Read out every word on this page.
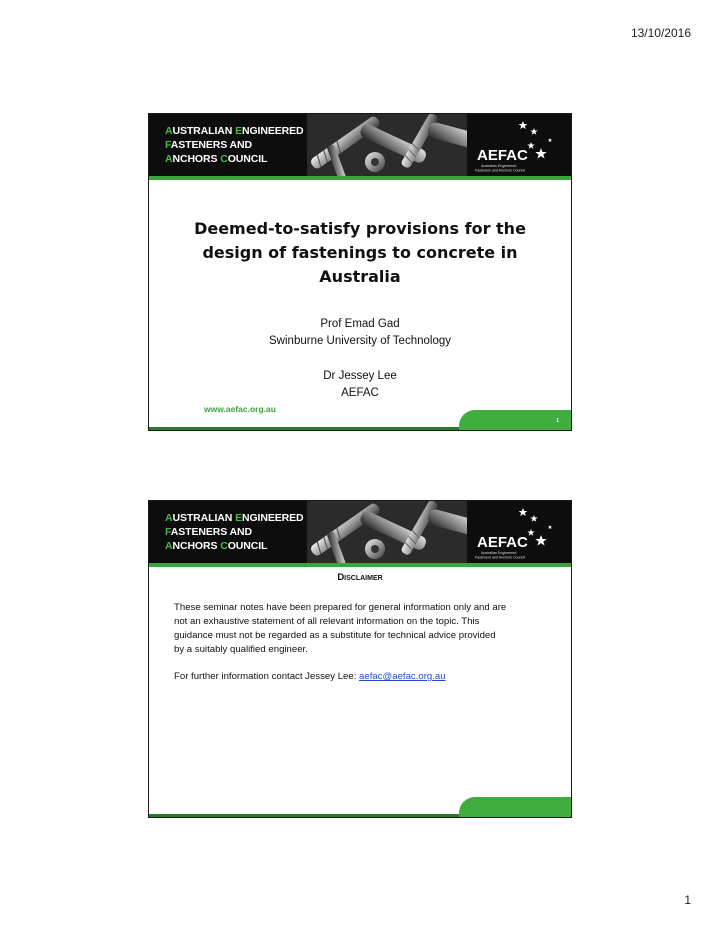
13/10/2016
AUSTRALIAN ENGINEERED
FASTENERS AND
ANCHORS COUNCIL	AEFAC
Australian Engineered
Fasteners and Anchors Council
Deemed-to-satisfy provisions for the
design of fastenings to concrete in
Australia
Prof Emad Gad
Swinburne University of Technology
Dr Jessey Lee
AEFAC
www.aefac.org.au
1
AUSTRALIAN ENGINEERED
FASTENERS AND
ANCHORS COUNCIL	AEFAC
Australian Engineered
Fasteners and Anchors Council
Disclaimer
These seminar notes have been prepared for general information only and are
not an exhaustive statement of all relevant information on the topic. This
guidance must not be regarded as a substitute for technical advice provided
by a suitably qualified engineer.
For further information contact Jessey Lee: aefac@aefac.org.au
1
